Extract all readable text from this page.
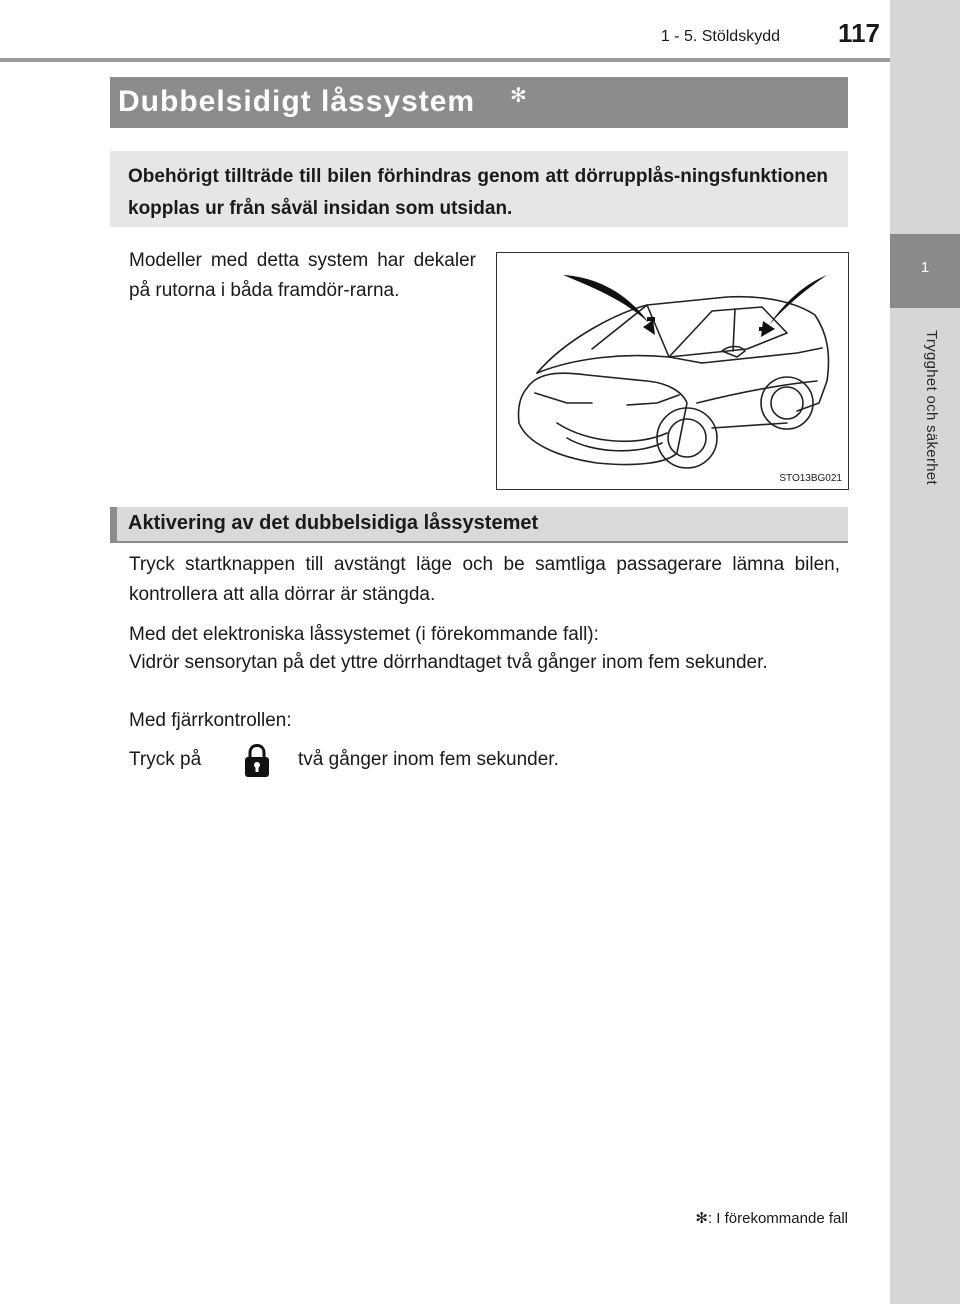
1
Trygghet och säkerhet
1 - 5. Stöldskydd	117
Dubbelsidigt låssystem ✻
Obehörigt tillträde till bilen förhindras genom att dörrupplås-ningsfunktionen kopplas ur från såväl insidan som utsidan.

Modeller med detta system har dekaler på rutorna i båda framdör-rarna.

STO13BG021
Aktivering av det dubbelsidiga låssystemet

Tryck startknappen till avstängt läge och be samtliga passagerare lämna bilen, kontrollera att alla dörrar är stängda.

Med det elektroniska låssystemet (i förekommande fall):

Vidrör sensorytan på det yttre dörrhandtaget två gånger inom fem sekunder.

Med fjärrkontrollen:

Tryck på	två gånger inom fem sekunder.
✻: I förekommande fall
